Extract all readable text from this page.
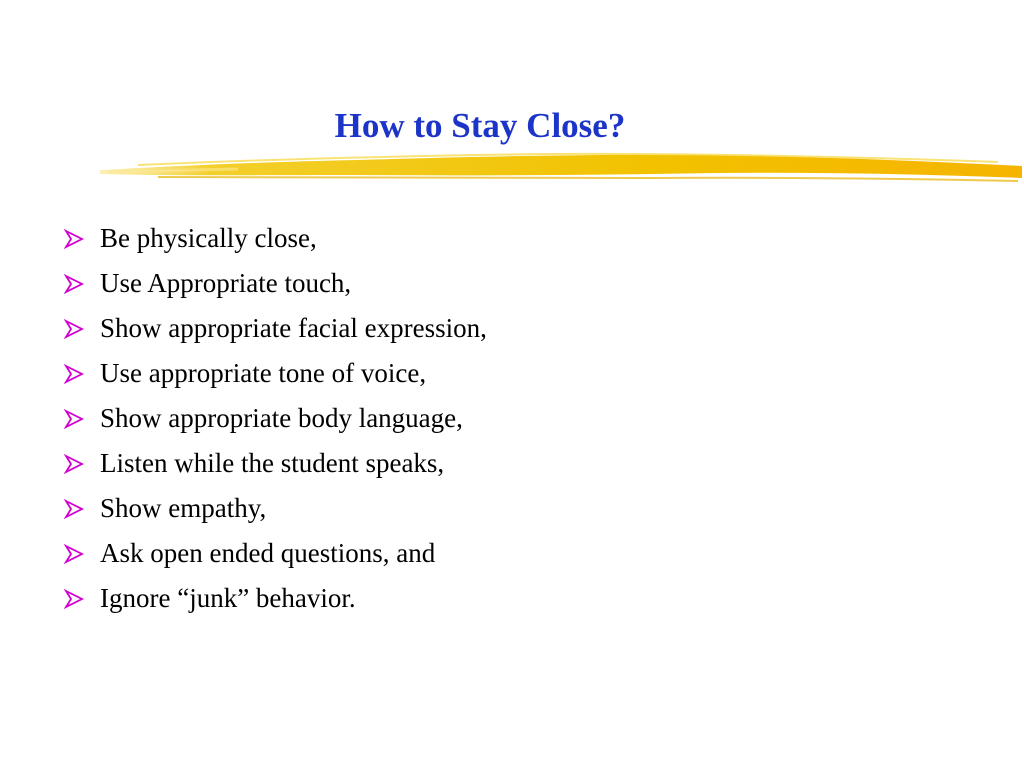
How to Stay Close?
Be physically close,
Use Appropriate touch,
Show appropriate facial expression,
Use appropriate tone of voice,
Show appropriate body language,
Listen while the student speaks,
Show empathy,
Ask open ended questions, and
Ignore “junk” behavior.
